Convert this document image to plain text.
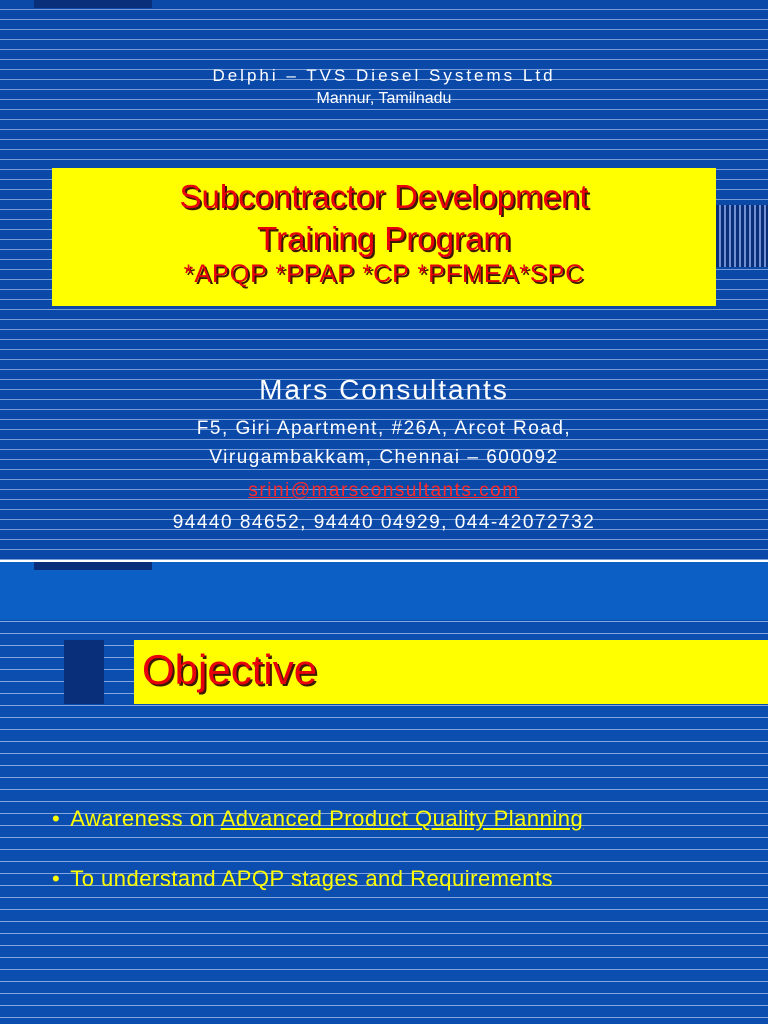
Delphi – TVS Diesel Systems Ltd
Mannur, Tamilnadu
Subcontractor Development
Training Program
*APQP *PPAP *CP *PFMEA*SPC
Mars Consultants
F5, Giri Apartment, #26A, Arcot Road,
Virugambakkam, Chennai – 600092
srini@marsconsultants.com
94440 84652, 94440 04929, 044-42072732
Objective
• Awareness on Advanced Product Quality Planning
• To understand APQP stages and Requirements
